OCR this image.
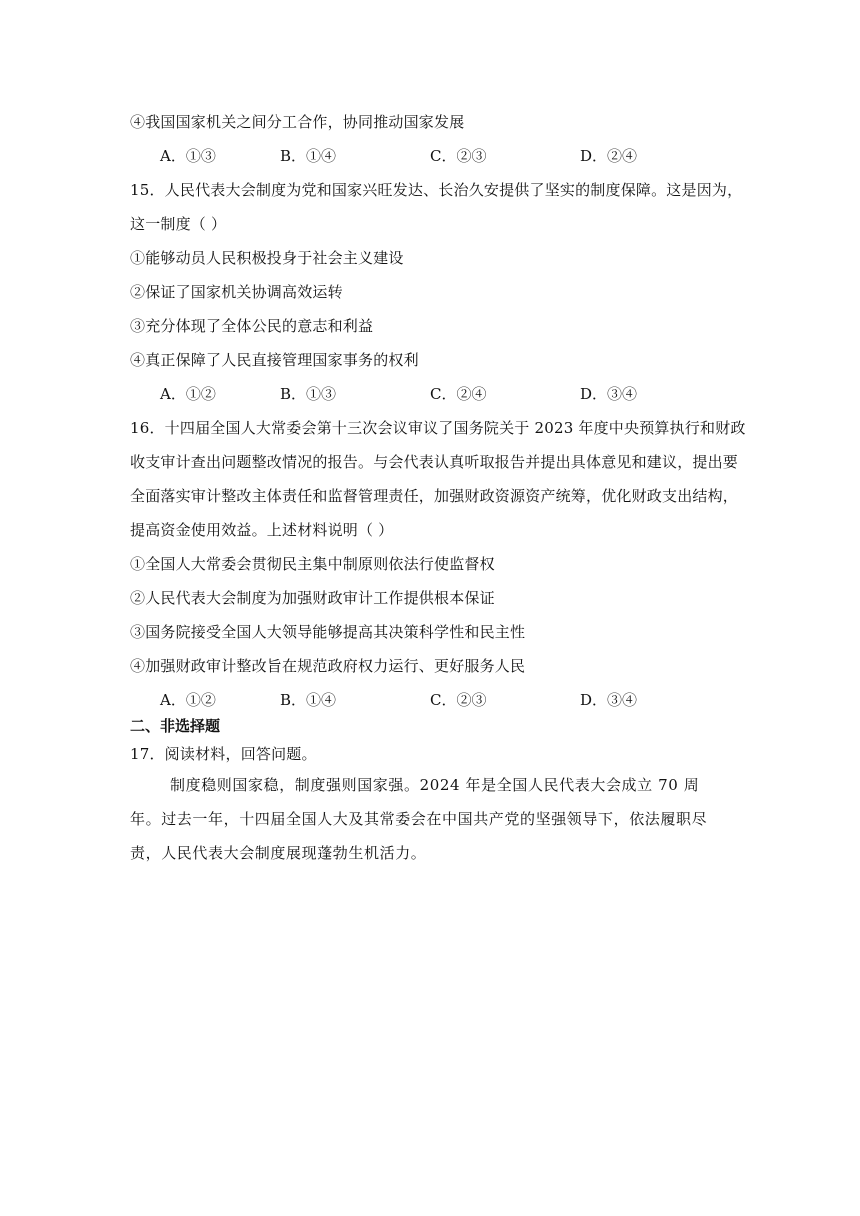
④我国国家机关之间分工合作，协同推动国家发展
A．①③	B．①④	C．②③	D．②④
15．人民代表大会制度为党和国家兴旺发达、长治久安提供了坚实的制度保障。这是因为，
这一制度（ ）
①能够动员人民积极投身于社会主义建设
②保证了国家机关协调高效运转
③充分体现了全体公民的意志和利益
④真正保障了人民直接管理国家事务的权利
A．①②	B．①③	C．②④	D．③④
16．十四届全国人大常委会第十三次会议审议了国务院关于 2023 年度中央预算执行和财政
收支审计查出问题整改情况的报告。与会代表认真听取报告并提出具体意见和建议，提出要
全面落实审计整改主体责任和监督管理责任，加强财政资源资产统筹，优化财政支出结构，
提高资金使用效益。上述材料说明（ ）
①全国人大常委会贯彻民主集中制原则依法行使监督权
②人民代表大会制度为加强财政审计工作提供根本保证
③国务院接受全国人大领导能够提高其决策科学性和民主性
④加强财政审计整改旨在规范政府权力运行、更好服务人民
A．①②	B．①④	C．②③	D．③④
二、非选择题
17．阅读材料，回答问题。
制度稳则国家稳，制度强则国家强。2024 年是全国人民代表大会成立 70 周年。过去一年，十四届全国人大及其常委会在中国共产党的坚强领导下，依法履职尽责，人民代表大会制度展现蓬勃生机活力。
